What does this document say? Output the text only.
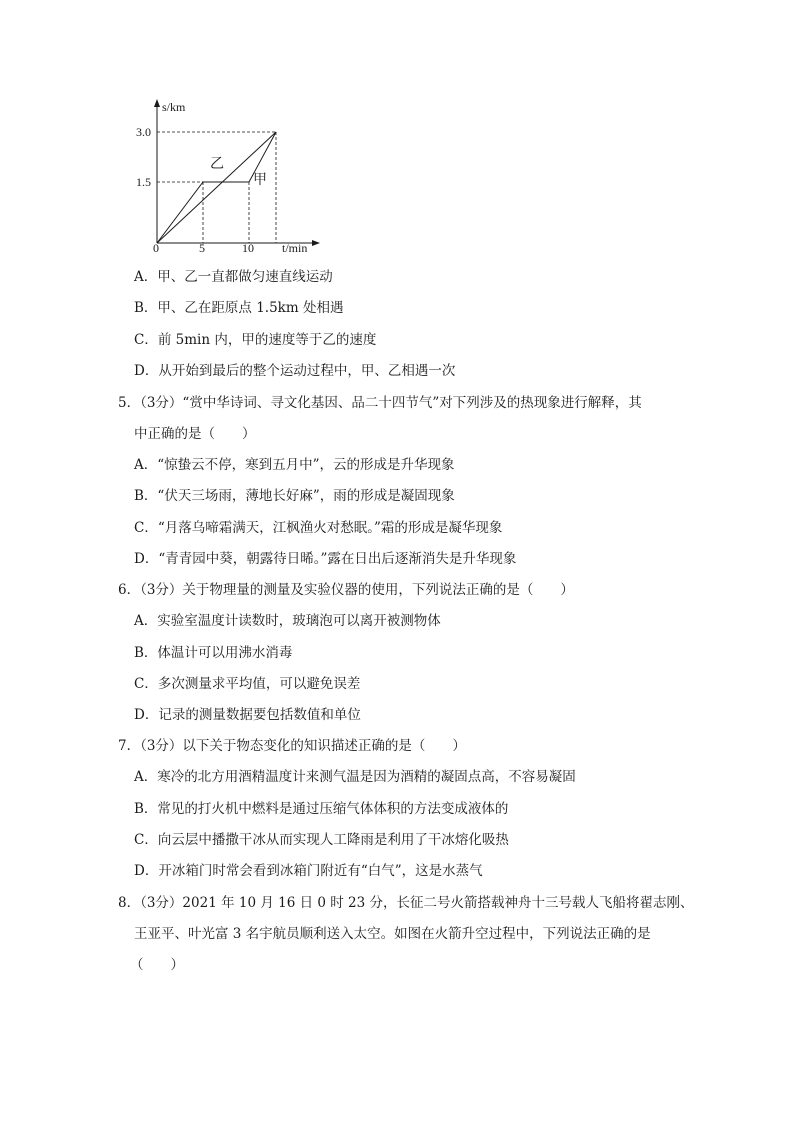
s/km
t/min
3.0
1.5
0	5	10
乙
甲
A．甲、乙一直都做匀速直线运动
B．甲、乙在距原点 1.5km 处相遇
C．前 5min 内，甲的速度等于乙的速度
D．从开始到最后的整个运动过程中，甲、乙相遇一次
5．（3分）“赏中华诗词、寻文化基因、品二十四节气”对下列涉及的热现象进行解释，其
中正确的是（　　）
A．“惊蛰云不停，寒到五月中”，云的形成是升华现象
B．“伏天三场雨，薄地长好麻”，雨的形成是凝固现象
C．“月落乌啼霜满天，江枫渔火对愁眠。”霜的形成是凝华现象
D．“青青园中葵，朝露待日晞。”露在日出后逐渐消失是升华现象
6．（3分）关于物理量的测量及实验仪器的使用，下列说法正确的是（　　）
A．实验室温度计读数时，玻璃泡可以离开被测物体
B．体温计可以用沸水消毒
C．多次测量求平均值，可以避免误差
D．记录的测量数据要包括数值和单位
7．（3分）以下关于物态变化的知识描述正确的是（　　）
A．寒冷的北方用酒精温度计来测气温是因为酒精的凝固点高，不容易凝固
B．常见的打火机中燃料是通过压缩气体体积的方法变成液体的
C．向云层中播撒干冰从而实现人工降雨是利用了干冰熔化吸热
D．开冰箱门时常会看到冰箱门附近有“白气”，这是水蒸气
8．（3分）2021 年 10 月 16 日 0 时 23 分，长征二号火箭搭载神舟十三号载人飞船将翟志刚、
王亚平、叶光富 3 名宇航员顺利送入太空。如图在火箭升空过程中，下列说法正确的是
（　　）
